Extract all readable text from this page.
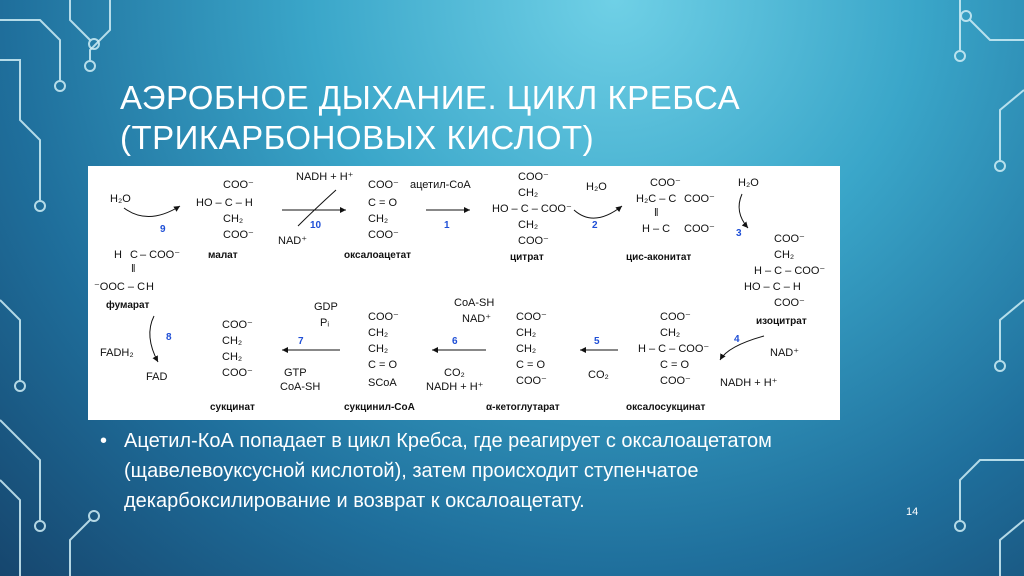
АЭРОБНОЕ ДЫХАНИЕ. ЦИКЛ КРЕБСА
(ТРИКАРБОНОВЫХ КИСЛОТ)
H₂O
9
COO⁻
HO – C – H
CH₂
COO⁻
малат
NADH + H⁺
10
NAD⁺
COO⁻
C = O
CH₂
COO⁻
оксалоацетат
ацетил-CoA
1
COO⁻
CH₂
HO – C – COO⁻
CH₂
COO⁻
цитрат
H₂O
2
COO⁻
H₂C – C COO⁻
‖
H – C COO⁻
цис-аконитат
H₂O
3
H C – COO⁻
‖
⁻OOC – C H
фумарат
COO⁻
CH₂
H – C – COO⁻
HO – C – H
COO⁻
изоцитрат
8
FADH₂
FAD
COO⁻
CH₂
CH₂
COO⁻
сукцинат
GDP
Pᵢ
7
GTP
CoA-SH
COO⁻
CH₂
CH₂
C = O
SCoA
сукцинил-CoA
CoA-SH
NAD⁺
6
CO₂
NADH + H⁺
COO⁻
CH₂
CH₂
C = O
COO⁻
α-кетоглутарат
5
CO₂
COO⁻
CH₂
H – C – COO⁻
C = O
COO⁻
оксалосукцинат
4
NAD⁺
NADH + H⁺
• Ацетил-КоА попадает в цикл Кребса, где реагирует с оксалоацетатом (щавелевоуксусной кислотой), затем происходит ступенчатое декарбоксилирование и возврат к оксалоацетату.	14
